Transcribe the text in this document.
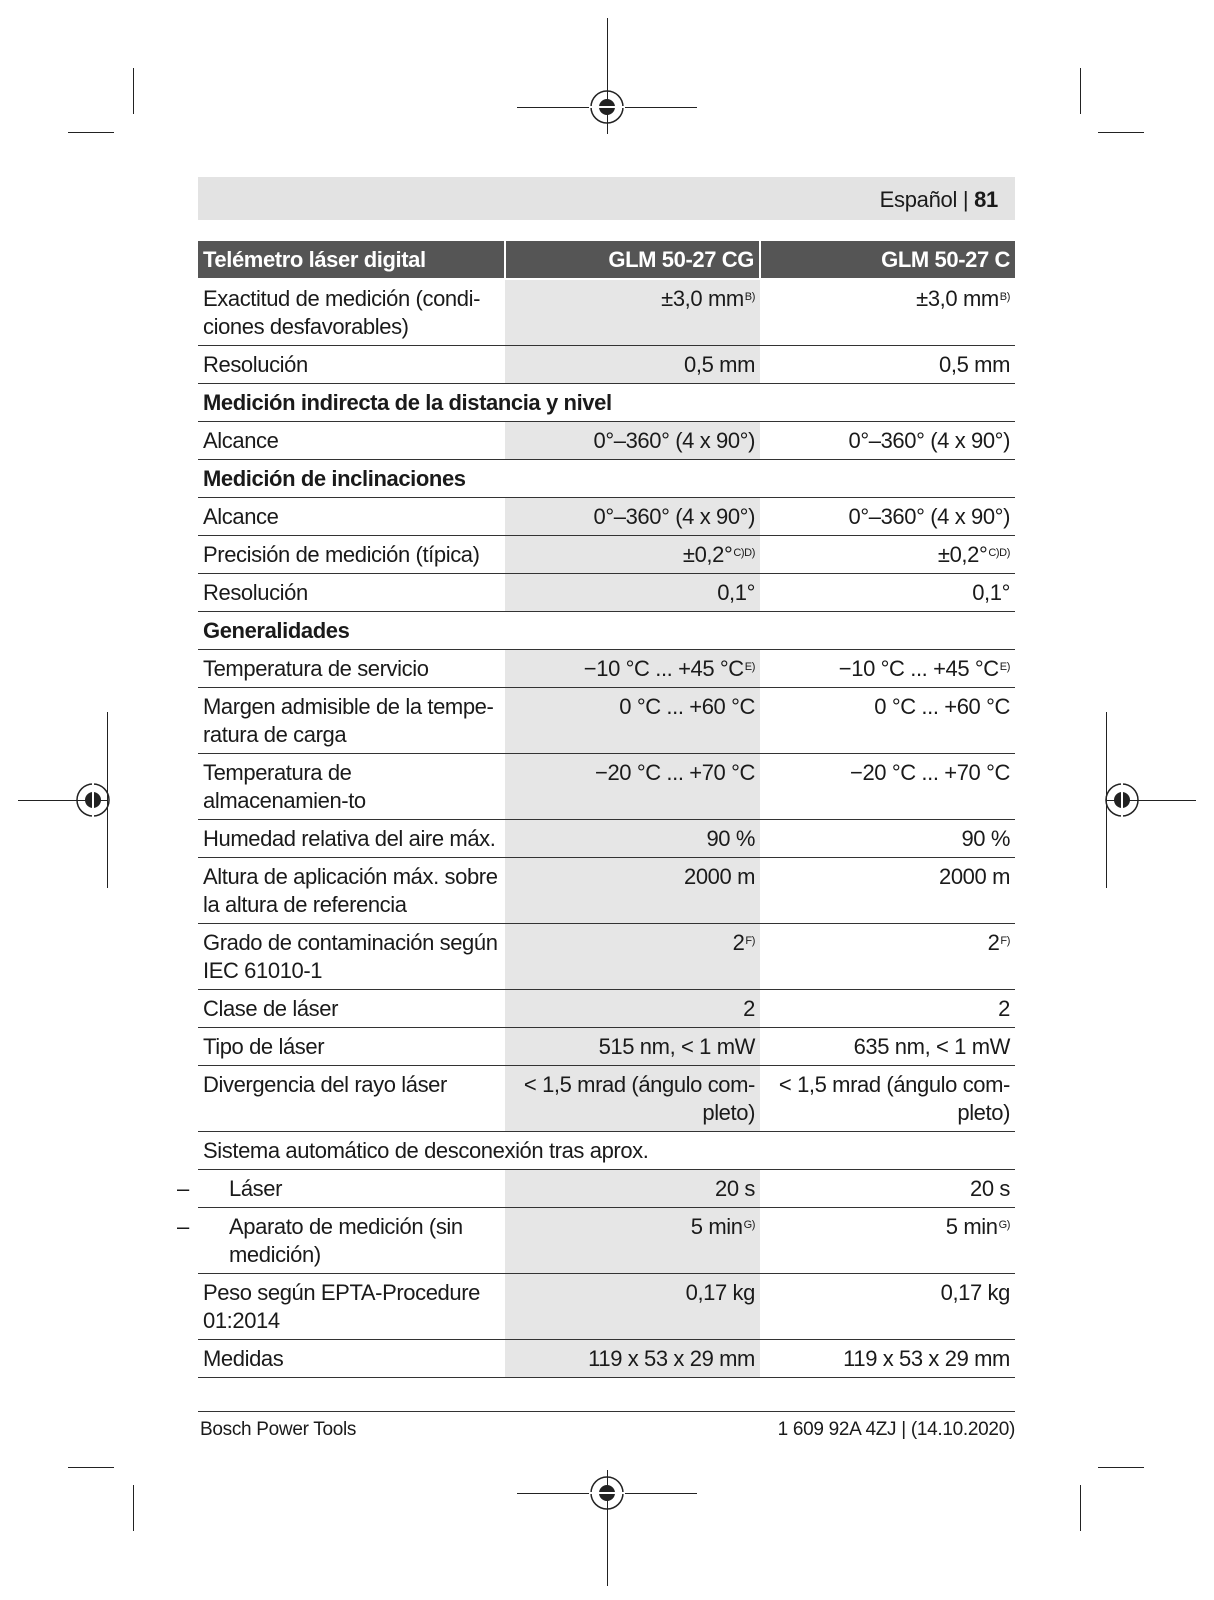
Español | 81
Telémetro láser digital	GLM 50-27 CG	GLM 50-27 C
Exactitud de medición (condi-ciones desfavorables)	±3,0 $mm^{B)}$	±3,0 $mm^{B)}$
Resolución	0,5 mm	0,5 mm
Medición indirecta de la distancia y nivel		
Alcance	0°–360° (4 x 90°)	0°–360° (4 x 90°)
Medición de inclinaciones		
Alcance	0°–360° (4 x 90°)	0°–360° (4 x 90°)
Precisión de medición (típica)	±0,2°$^{C)D)}$	±0,2°$^{C)D)}$
Resolución	0,1°	0,1°
Generalidades		
Temperatura de servicio	−10 °C ... +45 $^\circ C^{E)}$	−10 °C ... +45 $^\circ C^{E)}$
Margen admisible de la tempe-ratura de carga	0 °C ... +60 °C	0 °C ... +60 °C
Temperatura de almacenamien-to	−20 °C ... +70 °C	−20 °C ... +70 °C
Humedad relativa del aire máx.	90 %	90 %
Altura de aplicación máx. sobre la altura de referencia	2000 m	2000 m
Grado de contaminación según IEC 61010-1	$2^{F)}$	$2^{F)}$
Clase de láser	2	2
Tipo de láser	515 nm, < 1 mW	635 nm, < 1 mW
Divergencia del rayo láser	< 1,5 mrad (ángulo com-pleto)	< 1,5 mrad (ángulo com-pleto)
Sistema automático de desconexión tras aprox.		

– Láser	20 s	20 s

– Aparato de medición (sin medición)	5 $\min^{G)}$	5 $\min^{G)}$
Peso según EPTA-Procedure 01:2014	0,17 kg	0,17 kg
Medidas	119 x 53 x 29 mm	119 x 53 x 29 mm
Bosch Power Tools	1 609 92A 4ZJ | (14.10.2020)
